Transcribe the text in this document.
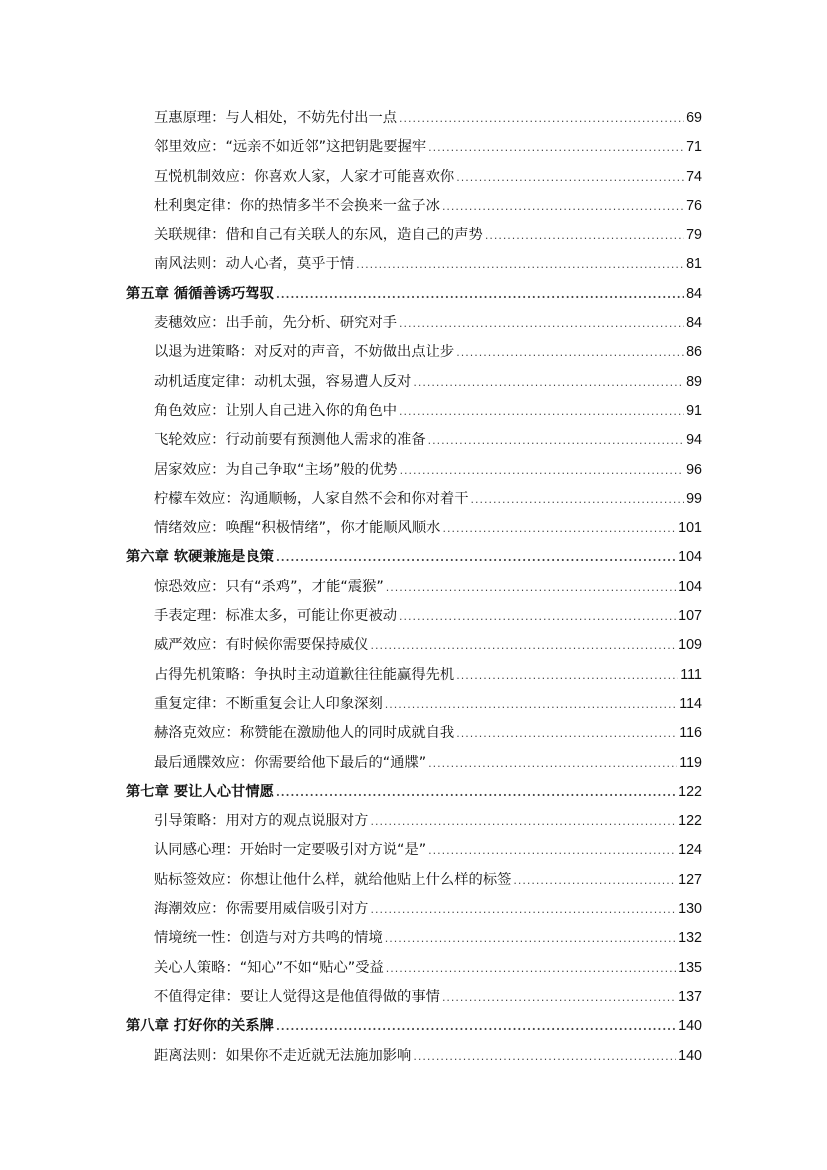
互惠原理：与人相处，不妨先付出一点 .....	69
邻里效应：“远亲不如近邻”这把钥匙要握牢 .....	71
互悦机制效应：你喜欢人家，人家才可能喜欢你 .....	74
杜利奥定律：你的热情多半不会换来一盆子冰 .....	76
关联规律：借和自己有关联人的东风，造自己的声势 .....	79
南风法则：动人心者，莫乎于情 .....	81
第五章 循循善诱巧驾驭 .....	84
麦穗效应：出手前，先分析、研究对手 .....	84
以退为进策略：对反对的声音，不妨做出点让步 .....	86
动机适度定律：动机太强，容易遭人反对 .....	89
角色效应：让别人自己进入你的角色中 .....	91
飞轮效应：行动前要有预测他人需求的准备 .....	94
居家效应：为自己争取“主场”般的优势 .....	96
柠檬车效应：沟通顺畅，人家自然不会和你对着干 .....	99
情绪效应：唤醒“积极情绪”，你才能顺风顺水 .....	101
第六章 软硬兼施是良策 .....	104
惊恐效应：只有“杀鸡”，才能“震猴” .....	104
手表定理：标准太多，可能让你更被动 .....	107
威严效应：有时候你需要保持威仪 .....	109
占得先机策略：争执时主动道歉往往能赢得先机 .....	111
重复定律：不断重复会让人印象深刻 .....	114
赫洛克效应：称赞能在激励他人的同时成就自我 .....	116
最后通牒效应：你需要给他下最后的“通牒” .....	119
第七章 要让人心甘情愿 .....	122
引导策略：用对方的观点说服对方 .....	122
认同感心理：开始时一定要吸引对方说“是” .....	124
贴标签效应：你想让他什么样，就给他贴上什么样的标签 .....	127
海潮效应：你需要用威信吸引对方 .....	130
情境统一性：创造与对方共鸣的情境 .....	132
关心人策略：“知心”不如“贴心”受益 .....	135
不值得定律：要让人觉得这是他值得做的事情 .....	137
第八章 打好你的关系牌 .....	140
距离法则：如果你不走近就无法施加影响 .....	140
